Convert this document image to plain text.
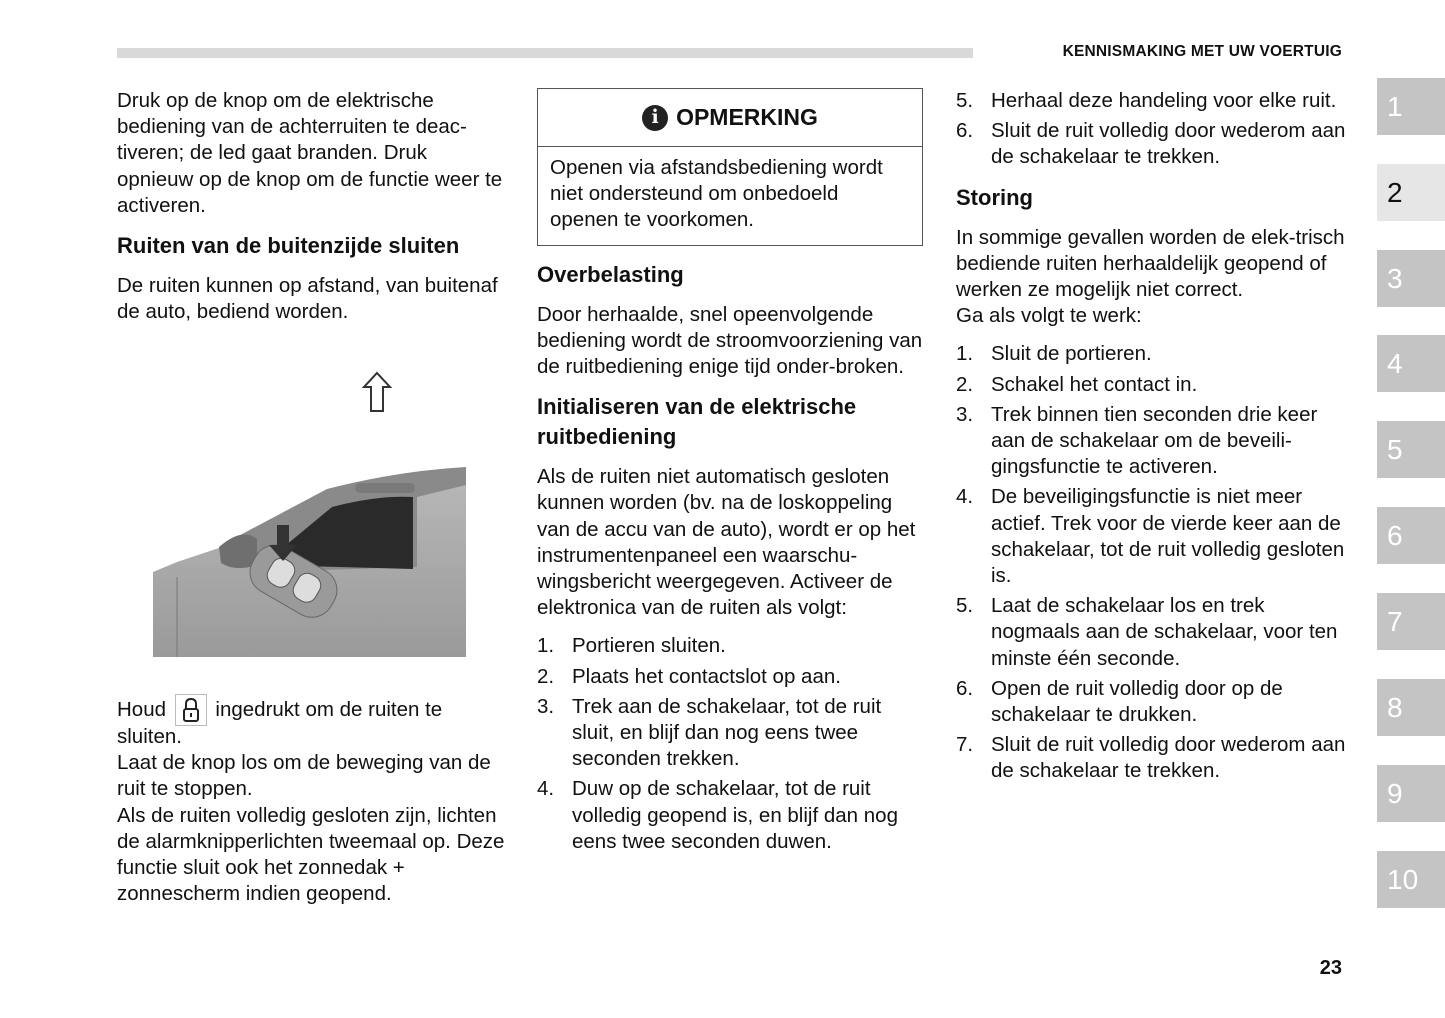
KENNISMAKING MET UW VOERTUIG

Druk op de knop om de elektrische bediening van de achterruiten te deac-tiveren; de led gaat branden. Druk opnieuw op de knop om de functie weer te activeren.

Ruiten van de buitenzijde sluiten

De ruiten kunnen op afstand, van buitenaf de auto, bediend worden.

Houd ingedrukt om de ruiten te sluiten.

Laat de knop los om de beweging van de ruit te stoppen.

Als de ruiten volledig gesloten zijn, lichten de alarmknipperlichten tweemaal op. Deze functie sluit ook het zonnedak + zonnescherm indien geopend.

i OPMERKING
Openen via afstandsbediening wordt niet ondersteund om onbedoeld openen te voorkomen.
Overbelasting

Door herhaalde, snel opeenvolgende bediening wordt de stroomvoorziening van de ruitbediening enige tijd onder-broken.

Initialiseren van de elektrische ruitbediening

Als de ruiten niet automatisch gesloten kunnen worden (bv. na de loskoppeling van de accu van de auto), wordt er op het instrumentenpaneel een waarschu-wingsbericht weergegeven. Activeer de elektronica van de ruiten als volgt:

1. Portieren sluiten.
2. Plaats het contactslot op aan.
3. Trek aan de schakelaar, tot de ruit sluit, en blijf dan nog eens twee seconden trekken.
4. Duw op de schakelaar, tot de ruit volledig geopend is, en blijf dan nog eens twee seconden duwen.
5. Herhaal deze handeling voor elke ruit.
6. Sluit de ruit volledig door wederom aan de schakelaar te trekken.
Storing

In sommige gevallen worden de elek-trisch bediende ruiten herhaaldelijk geopend of werken ze mogelijk niet correct.

Ga als volgt te werk:

1. Sluit de portieren.
2. Schakel het contact in.
3. Trek binnen tien seconden drie keer aan de schakelaar om de beveili-gingsfunctie te activeren.
4. De beveiligingsfunctie is niet meer actief. Trek voor de vierde keer aan de schakelaar, tot de ruit volledig gesloten is.
5. Laat de schakelaar los en trek nogmaals aan de schakelaar, voor ten minste één seconde.
6. Open de ruit volledig door op de schakelaar te drukken.
7. Sluit de ruit volledig door wederom aan de schakelaar te trekken.
1
2
3
4
5
6
7
8
9
10
23
